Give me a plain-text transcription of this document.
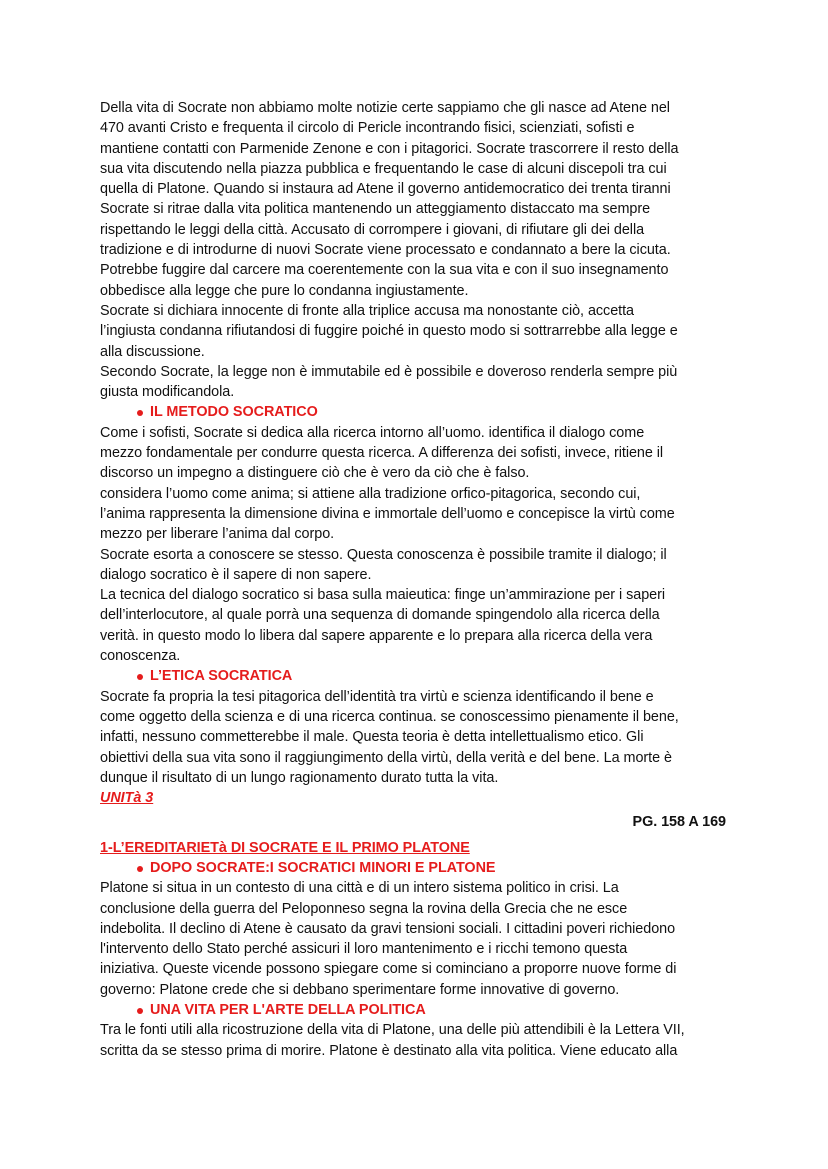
Della vita di Socrate non abbiamo molte notizie certe sappiamo che gli nasce ad Atene nel
470 avanti Cristo e frequenta il circolo di Pericle incontrando fisici, scienziati, sofisti e
mantiene contatti con Parmenide Zenone e con i pitagorici. Socrate trascorrere il resto della
sua vita discutendo nella piazza pubblica e frequentando le case di alcuni discepoli tra cui
quella di Platone. Quando si instaura ad Atene il governo antidemocratico dei trenta tiranni
Socrate si ritrae dalla vita politica mantenendo un atteggiamento distaccato ma sempre
rispettando le leggi della città. Accusato di corrompere i giovani, di rifiutare gli dei della
tradizione e di introdurne di nuovi Socrate viene processato e condannato a bere la cicuta.
Potrebbe fuggire dal carcere ma coerentemente con la sua vita e con il suo insegnamento
obbedisce alla legge che pure lo condanna ingiustamente.
Socrate si dichiara innocente di fronte alla triplice accusa ma nonostante ciò, accetta
l’ingiusta condanna rifiutandosi di fuggire poiché in questo modo si sottrarrebbe alla legge e
alla discussione.
Secondo Socrate, la legge non è immutabile ed è possibile e doveroso renderla sempre più
giusta modificandola.
IL METODO SOCRATICO
Come i sofisti, Socrate si dedica alla ricerca intorno all’uomo. identifica il dialogo come
mezzo fondamentale per condurre questa ricerca. A differenza dei sofisti, invece, ritiene il
discorso un impegno a distinguere ciò che è vero da ciò che è falso.
considera l’uomo come anima; si attiene alla tradizione orfico-pitagorica, secondo cui,
l’anima rappresenta la dimensione divina e immortale dell’uomo e concepisce la virtù come
mezzo per liberare l’anima dal corpo.
Socrate esorta a conoscere se stesso. Questa conoscenza è possibile tramite il dialogo; il
dialogo socratico è il sapere di non sapere.
La tecnica del dialogo socratico si basa sulla maieutica: finge un’ammirazione per i saperi
dell’interlocutore, al quale porrà una sequenza di domande spingendolo alla ricerca della
verità. in questo modo lo libera dal sapere apparente e lo prepara alla ricerca della vera
conoscenza.
L’ETICA SOCRATICA
Socrate fa propria la tesi pitagorica dell’identità tra virtù e scienza identificando il bene e
come oggetto della scienza e di una ricerca continua. se conoscessimo pienamente il bene,
infatti, nessuno commetterebbe il male. Questa teoria è detta intellettualismo etico. Gli
obiettivi della sua vita sono il raggiungimento della virtù, della verità e del bene. La morte è
dunque il risultato di un lungo ragionamento durato tutta la vita.
UNITà 3
PG. 158 A 169
1-L’EREDITARIETà DI SOCRATE E IL PRIMO PLATONE
DOPO SOCRATE:I SOCRATICI MINORI E PLATONE
Platone si situa in un contesto di una città e di un intero sistema politico in crisi. La
conclusione della guerra del Peloponneso segna la rovina della Grecia che ne esce
indebolita. Il declino di Atene è causato da gravi tensioni sociali. I cittadini poveri richiedono
l'intervento dello Stato perché assicuri il loro mantenimento e i ricchi temono questa
iniziativa. Queste vicende possono spiegare come si cominciano a proporre nuove forme di
governo: Platone crede che si debbano sperimentare forme innovative di governo.
UNA VITA PER L'ARTE DELLA POLITICA
Tra le fonti utili alla ricostruzione della vita di Platone, una delle più attendibili è la Lettera VII,
scritta da se stesso prima di morire. Platone è destinato alla vita politica. Viene educato alla
